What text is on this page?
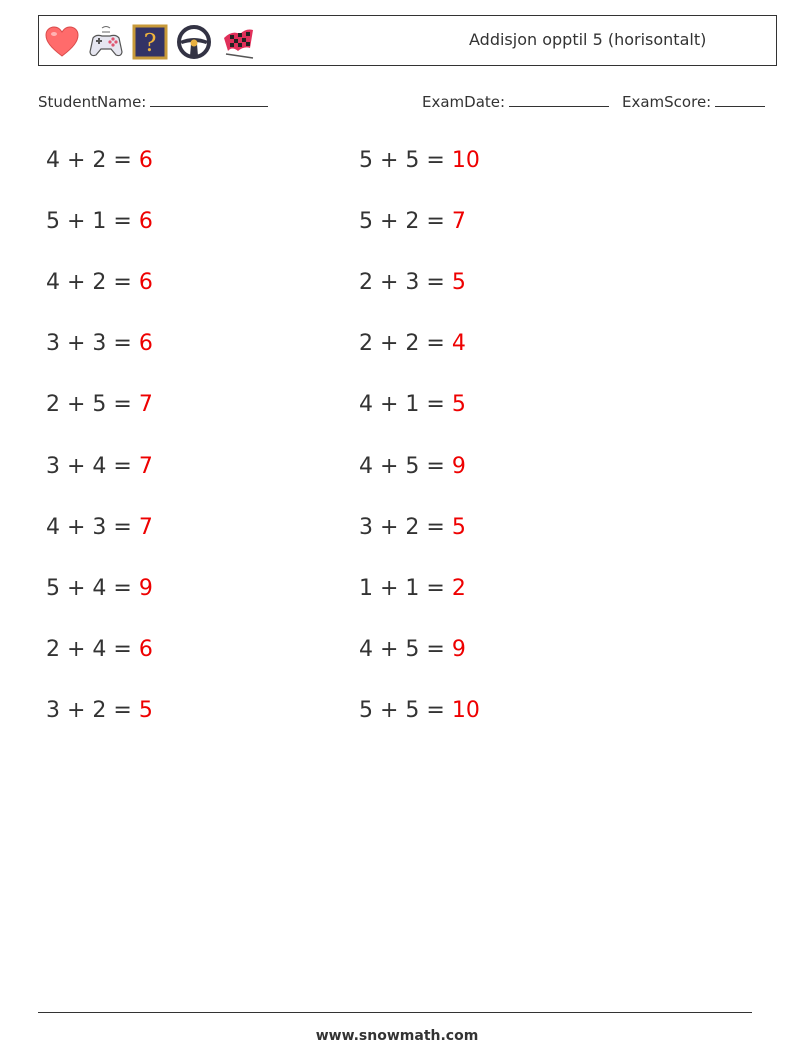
?	Addisjon opptil 5 (horisontalt)
StudentName:	ExamDate:	ExamScore:
4 + 2 = 6
5 + 1 = 6
4 + 2 = 6
3 + 3 = 6
2 + 5 = 7
3 + 4 = 7
4 + 3 = 7
5 + 4 = 9
2 + 4 = 6
3 + 2 = 5
5 + 5 = 10
5 + 2 = 7
2 + 3 = 5
2 + 2 = 4
4 + 1 = 5
4 + 5 = 9
3 + 2 = 5
1 + 1 = 2
4 + 5 = 9
5 + 5 = 10
www.snowmath.com
